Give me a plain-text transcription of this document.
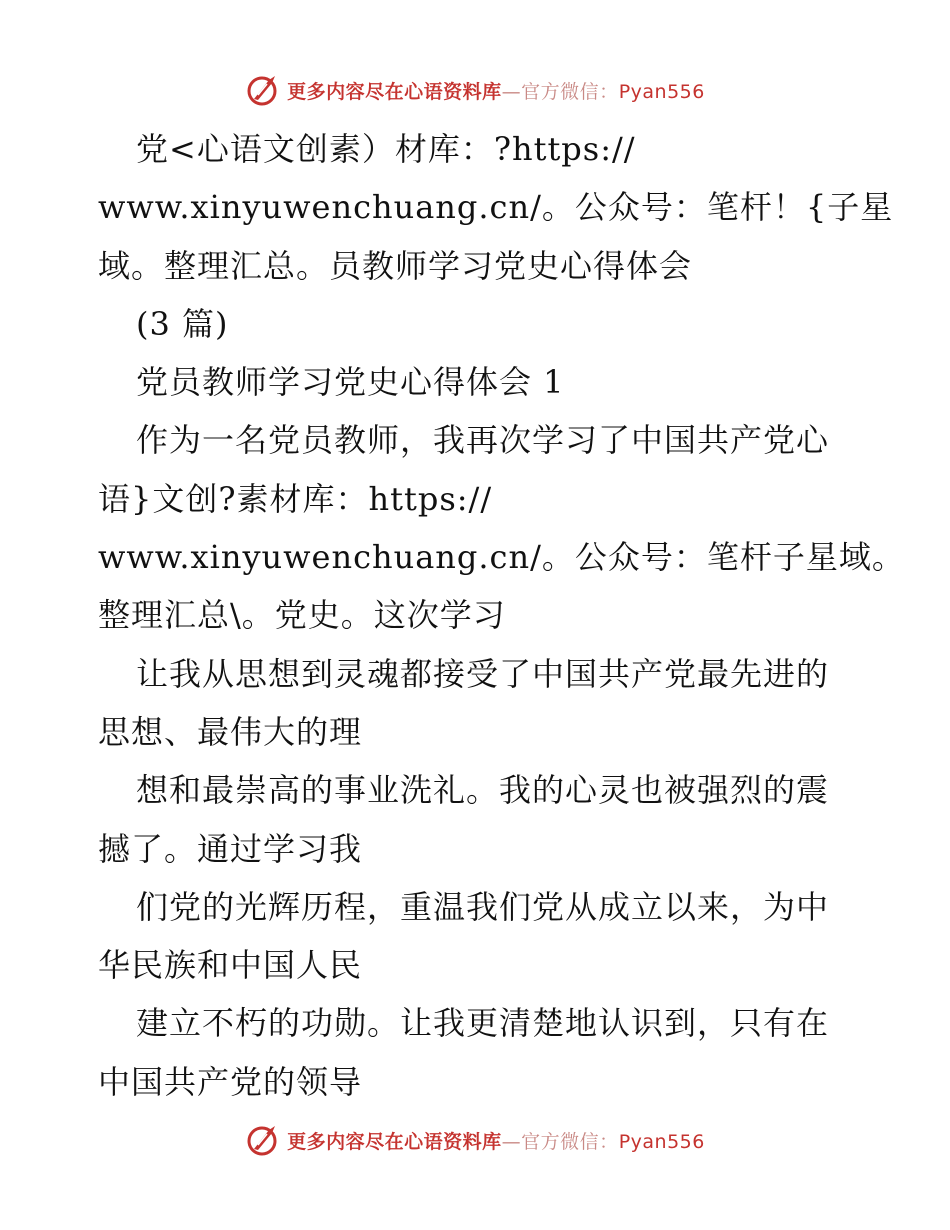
更多内容尽在心语资料库—官方微信：Pyan556
党<心语文创素）材库：?https://
www.xinyuwenchuang.cn/。公众号：笔杆！{子星
域。整理汇总。员教师学习党史心得体会
(3 篇)
党员教师学习党史心得体会 1
作为一名党员教师，我再次学习了中国共产党心
语}文创?素材库：https://
www.xinyuwenchuang.cn/。公众号：笔杆子星域。
整理汇总\。党史。这次学习
让我从思想到灵魂都接受了中国共产党最先进的
思想、最伟大的理
想和最崇高的事业洗礼。我的心灵也被强烈的震
撼了。通过学习我
们党的光辉历程，重温我们党从成立以来，为中
华民族和中国人民
建立不朽的功勋。让我更清楚地认识到，只有在
中国共产党的领导
更多内容尽在心语资料库—官方微信：Pyan556
